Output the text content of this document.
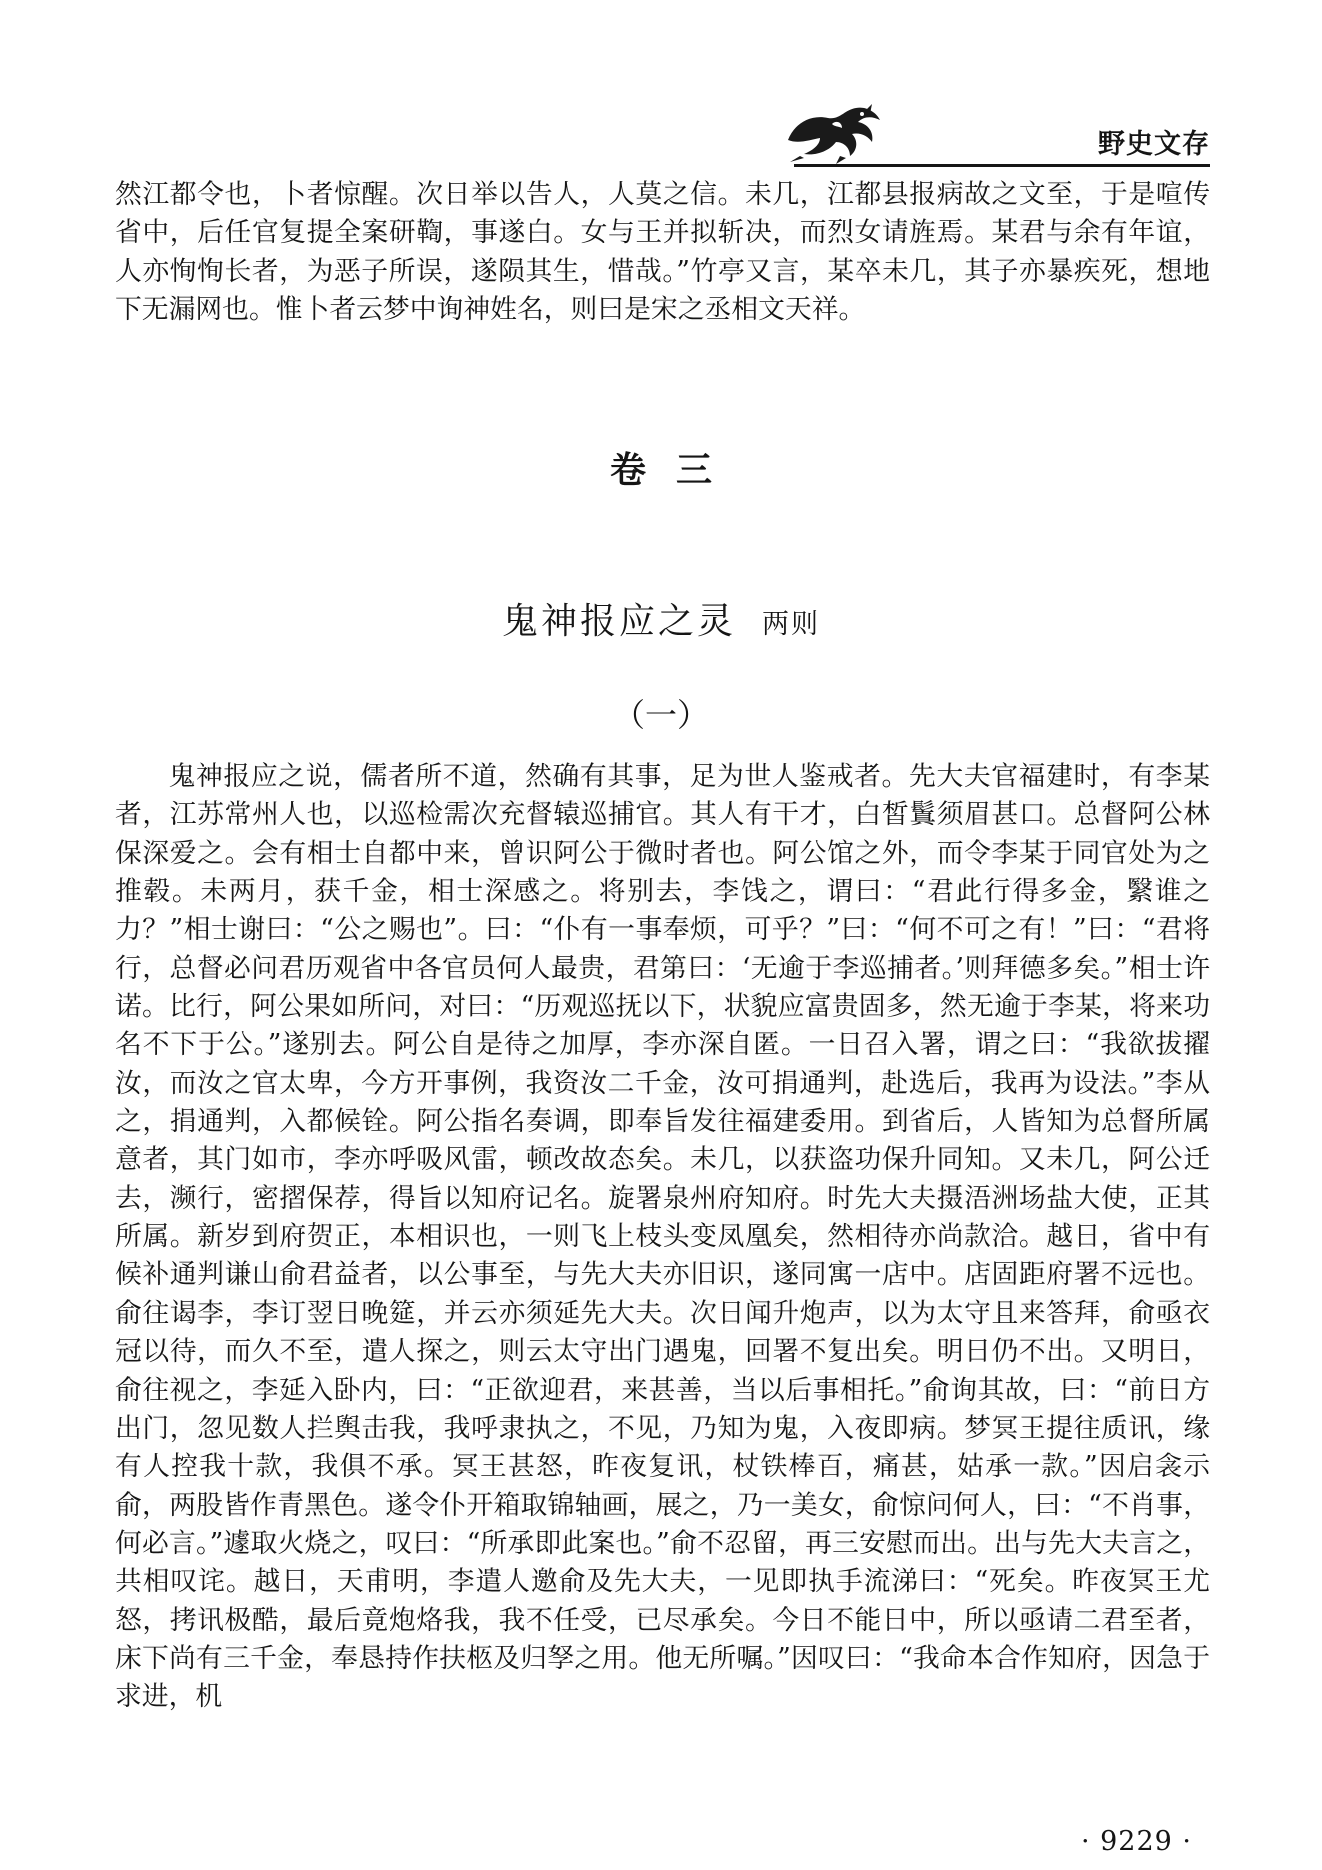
野史文存

然江都令也，卜者惊醒。次日举以告人，人莫之信。未几，江都县报病故之文至，于是喧传省中，后任官复提全案研鞫，事遂白。女与王并拟斩决，而烈女请旌焉。某君与余有年谊，人亦恂恂长者，为恶子所误，遂陨其生，惜哉。”竹亭又言，某卒未几，其子亦暴疾死，想地下无漏网也。惟卜者云梦中询神姓名，则曰是宋之丞相文天祥。

卷三
鬼神报应之灵 两则
（一）

鬼神报应之说，儒者所不道，然确有其事，足为世人鉴戒者。先大夫官福建时，有李某者，江苏常州人也，以巡检需次充督辕巡捕官。其人有干才，白皙鬒须眉甚口。总督阿公林保深爱之。会有相士自都中来，曾识阿公于微时者也。阿公馆之外，而令李某于同官处为之推毂。未两月，获千金，相士深感之。将别去，李饯之，谓曰：“君此行得多金，繄谁之力？”相士谢曰：“公之赐也”。曰：“仆有一事奉烦，可乎？”曰：“何不可之有！”曰：“君将行，总督必问君历观省中各官员何人最贵，君第曰：‘无逾于李巡捕者。’则拜德多矣。”相士许诺。比行，阿公果如所问，对曰：“历观巡抚以下，状貌应富贵固多，然无逾于李某，将来功名不下于公。”遂别去。阿公自是待之加厚，李亦深自匿。一日召入署，谓之曰：“我欲拔擢汝，而汝之官太卑，今方开事例，我资汝二千金，汝可捐通判，赴选后，我再为设法。”李从之，捐通判，入都候铨。阿公指名奏调，即奉旨发往福建委用。到省后，人皆知为总督所属意者，其门如市，李亦呼吸风雷，顿改故态矣。未几，以获盗功保升同知。又未几，阿公迁去，濒行，密摺保荐，得旨以知府记名。旋署泉州府知府。时先大夫摄浯洲场盐大使，正其所属。新岁到府贺正，本相识也，一则飞上枝头变凤凰矣，然相待亦尚款洽。越日，省中有候补通判谦山俞君益者，以公事至，与先大夫亦旧识，遂同寓一店中。店固距府署不远也。俞往谒李，李订翌日晚筵，并云亦须延先大夫。次日闻升炮声，以为太守且来答拜，俞亟衣冠以待，而久不至，遣人探之，则云太守出门遇鬼，回署不复出矣。明日仍不出。又明日，俞往视之，李延入卧内，曰：“正欲迎君，来甚善，当以后事相托。”俞询其故，曰：“前日方出门，忽见数人拦舆击我，我呼隶执之，不见，乃知为鬼，入夜即病。梦冥王提往质讯，缘有人控我十款，我俱不承。冥王甚怒，昨夜复讯，杖铁棒百，痛甚，姑承一款。”因启衾示俞，两股皆作青黑色。遂令仆开箱取锦轴画，展之，乃一美女，俞惊问何人，曰：“不肖事，何必言。”遽取火烧之，叹曰：“所承即此案也。”俞不忍留，再三安慰而出。出与先大夫言之，共相叹诧。越日，天甫明，李遣人邀俞及先大夫，一见即执手流涕曰：“死矣。昨夜冥王尤怒，拷讯极酷，最后竟炮烙我，我不任受，已尽承矣。今日不能日中，所以亟请二君至者，床下尚有三千金，奉恳持作扶柩及归孥之用。他无所嘱。”因叹曰：“我命本合作知府，因急于求进，机

· 9229 ·
